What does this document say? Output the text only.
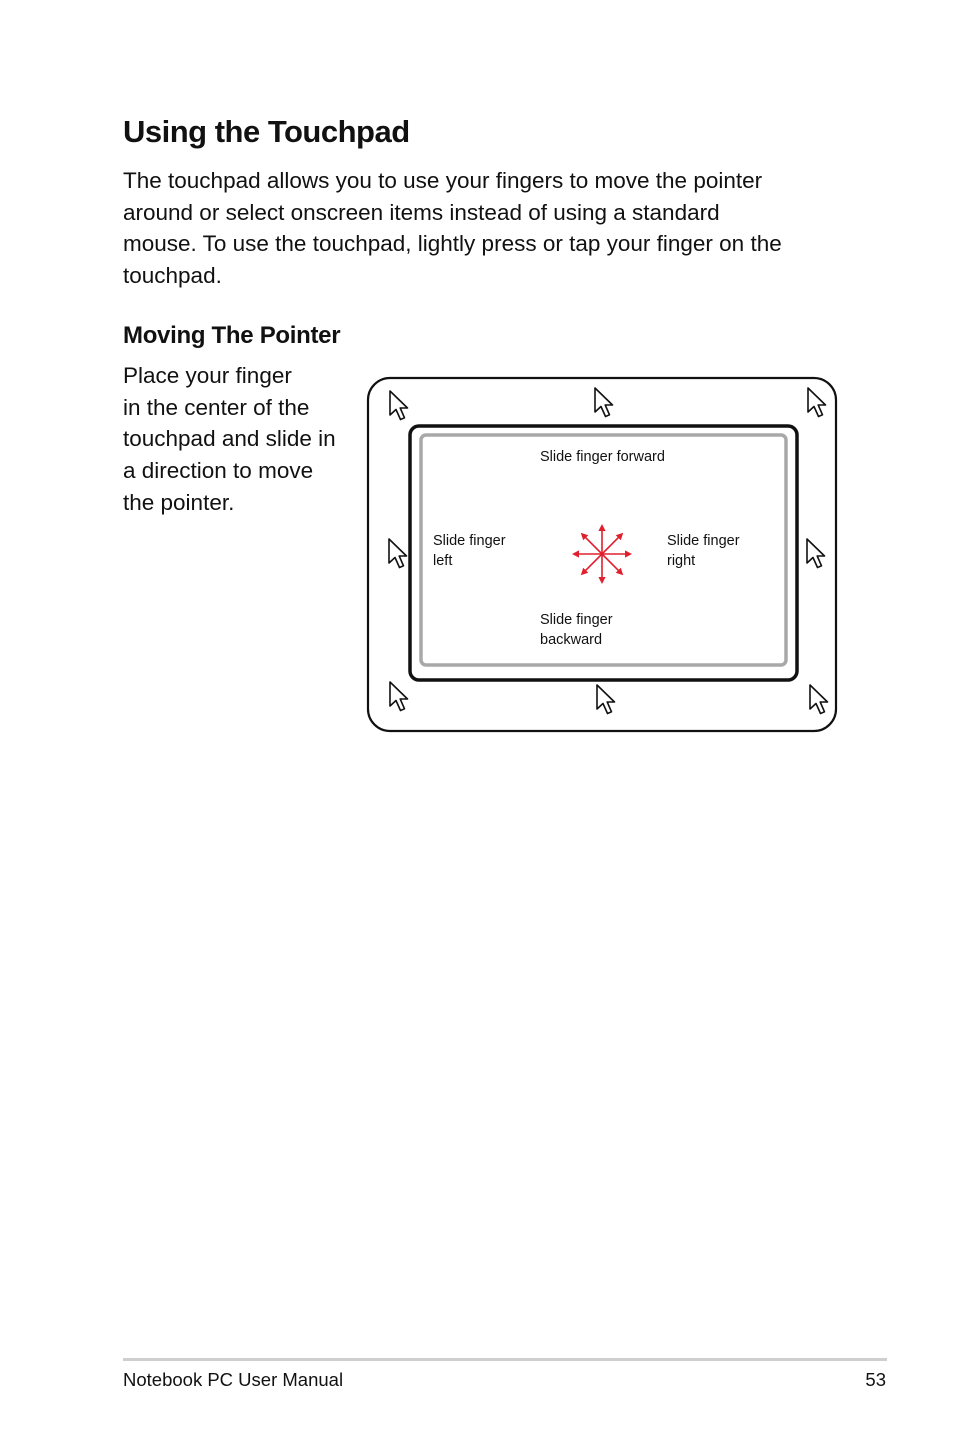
Using the Touchpad

The touchpad allows you to use your fingers to move the pointer
around or select onscreen items instead of using a standard
mouse. To use the touchpad, lightly press or tap your finger on the
touchpad.

Moving The Pointer

Place your finger
in the center of the
touchpad and slide in
a direction to move
the pointer.

Slide finger forward
Slide finger
left
Slide finger
right
Slide finger
backward
Notebook PC User Manual	53
